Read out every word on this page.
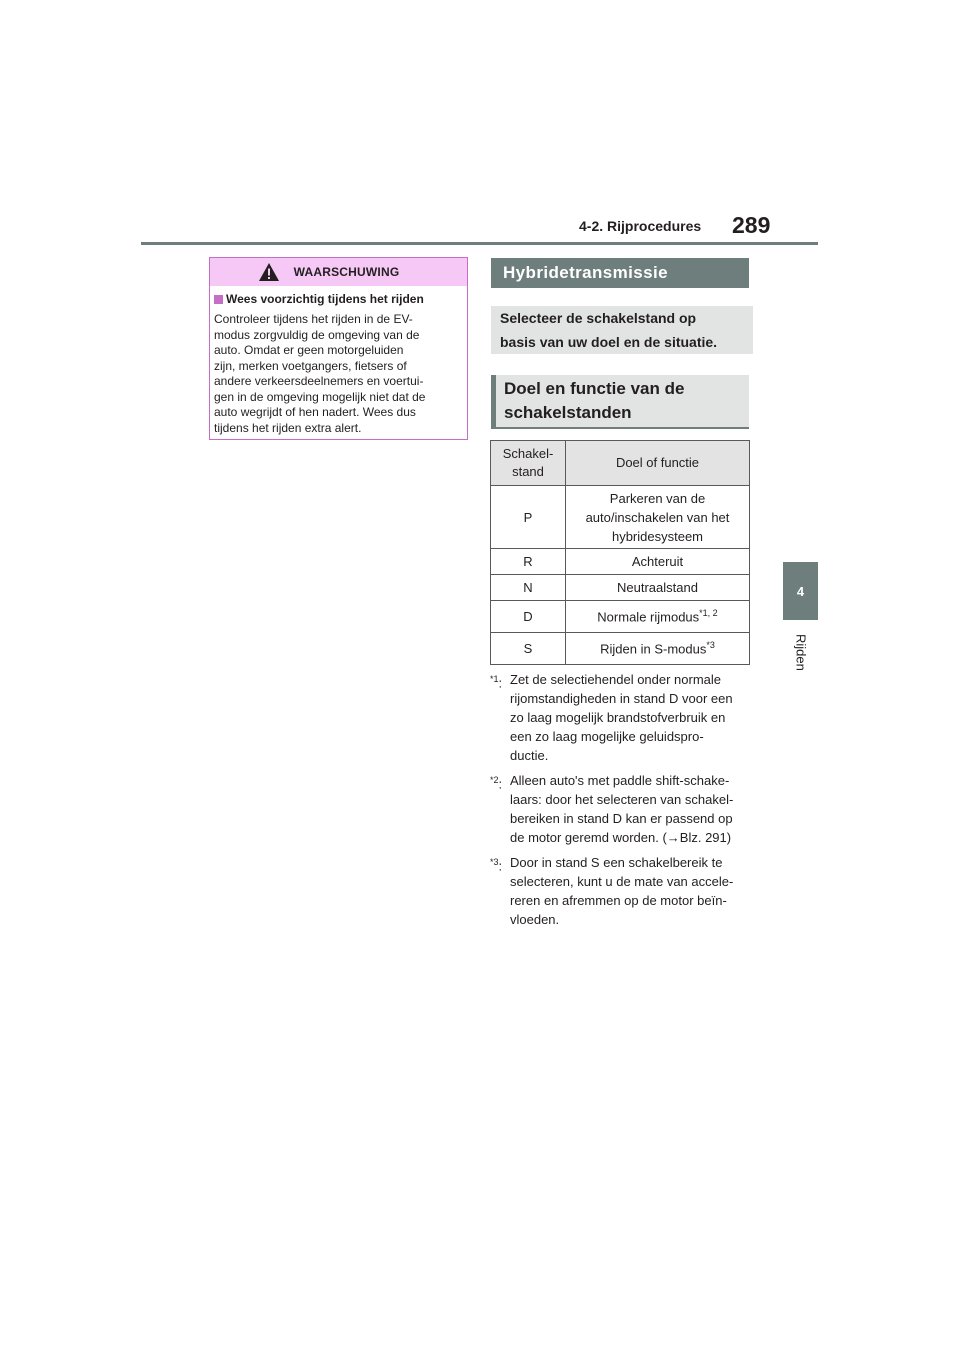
4-2. Rijprocedures 289
4
Rijden
WAARSCHUWING
Wees voorzichtig tijdens het rijden
Controleer tijdens het rijden in de EV-
modus zorgvuldig de omgeving van de
auto. Omdat er geen motorgeluiden
zijn, merken voetgangers, fietsers of
andere verkeersdeelnemers en voertui-
gen in de omgeving mogelijk niet dat de
auto wegrijdt of hen nadert. Wees dus
tijdens het rijden extra alert.
Hybridetransmissie
Selecteer de schakelstand op
basis van uw doel en de situatie.
Doel en functie van de
schakelstanden
Schakel-
stand	Doel of functie
P	Parkeren van de
auto/inschakelen van het
hybridesysteem

R	Achteruit
N	Neutraalstand
D	Normale rijmodus$^{*1, 2}$
S	Rijden in S-modus$^{*3}$
$^{*1}$: Zet de selectiehendel onder normale
rijomstandigheden in stand D voor een
zo laag mogelijk brandstofverbruik en
een zo laag mogelijke geluidspro-
ductie.
$^{*2}$: Alleen auto's met paddle shift-schake-
laars: door het selecteren van schakel-
bereiken in stand D kan er passend op
de motor geremd worden. (→Blz. 291)
$^{*3}$: Door in stand S een schakelbereik te
selecteren, kunt u de mate van accele-
reren en afremmen op de motor beïn-
vloeden.
